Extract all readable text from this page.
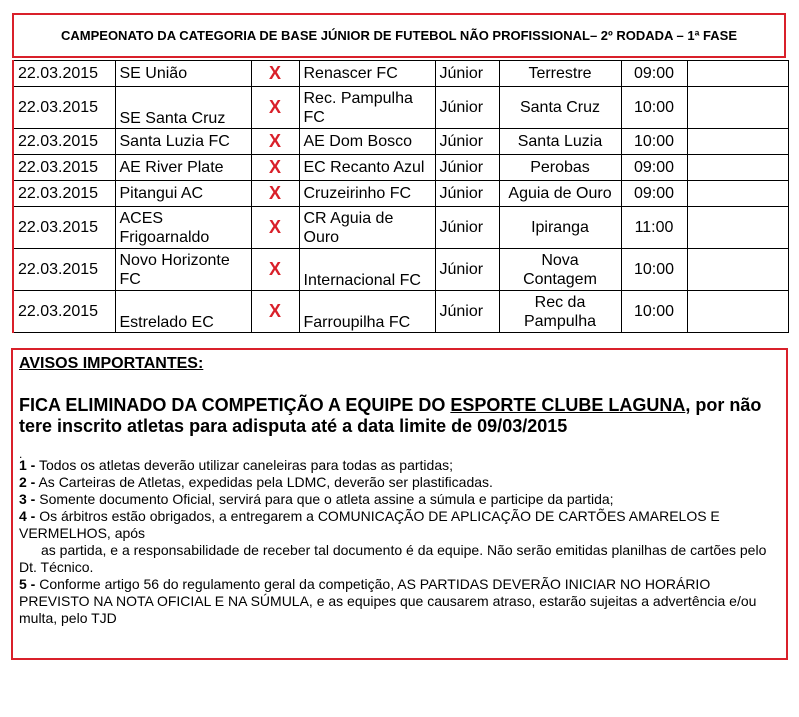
CAMPEONATO DA CATEGORIA DE BASE JÚNIOR DE FUTEBOL NÃO PROFISSIONAL– 2º RODADA – 1ª FASE
22.03.2015	SE União	X	Renascer FC	Júnior	Terrestre	09:00	
22.03.2015	SE Santa Cruz	X	Rec. Pampulha FC	Júnior	Santa Cruz	10:00	
22.03.2015	Santa Luzia FC	X	AE Dom Bosco	Júnior	Santa Luzia	10:00	
22.03.2015	AE River Plate	X	EC Recanto Azul	Júnior	Perobas	09:00	
22.03.2015	Pitangui AC	X	Cruzeirinho FC	Júnior	Aguia de Ouro	09:00	
22.03.2015	ACES Frigoarnaldo	X	CR Aguia de Ouro	Júnior	Ipiranga	11:00	
22.03.2015	Novo Horizonte FC	X	Internacional FC	Júnior	Nova Contagem	10:00	
22.03.2015	Estrelado EC	X	Farroupilha FC	Júnior	Rec da Pampulha	10:00	
AVISOS IMPORTANTES:
FICA ELIMINADO DA COMPETIÇÃO A EQUIPE DO ESPORTE CLUBE LAGUNA, por não tere inscrito atletas para adisputa até a data limite de 09/03/2015
.
1 - Todos os atletas deverão utilizar caneleiras para todas as partidas;
2 - As Carteiras de Atletas, expedidas pela LDMC, deverão ser plastificadas.
3 - Somente documento Oficial, servirá para que o atleta assine a súmula e participe da partida;
4 - Os árbitros estão obrigados, a entregarem a COMUNICAÇÃO DE APLICAÇÃO DE CARTÕES AMARELOS E VERMELHOS, após
as partida, e a responsabilidade de receber tal documento é da equipe. Não serão emitidas planilhas de cartões pelo Dt. Técnico.
5 - Conforme artigo 56 do regulamento geral da competição, AS PARTIDAS DEVERÃO INICIAR NO HORÁRIO PREVISTO NA NOTA OFICIAL E NA SÚMULA, e as equipes que causarem atraso, estarão sujeitas a advertência e/ou multa, pelo TJD
